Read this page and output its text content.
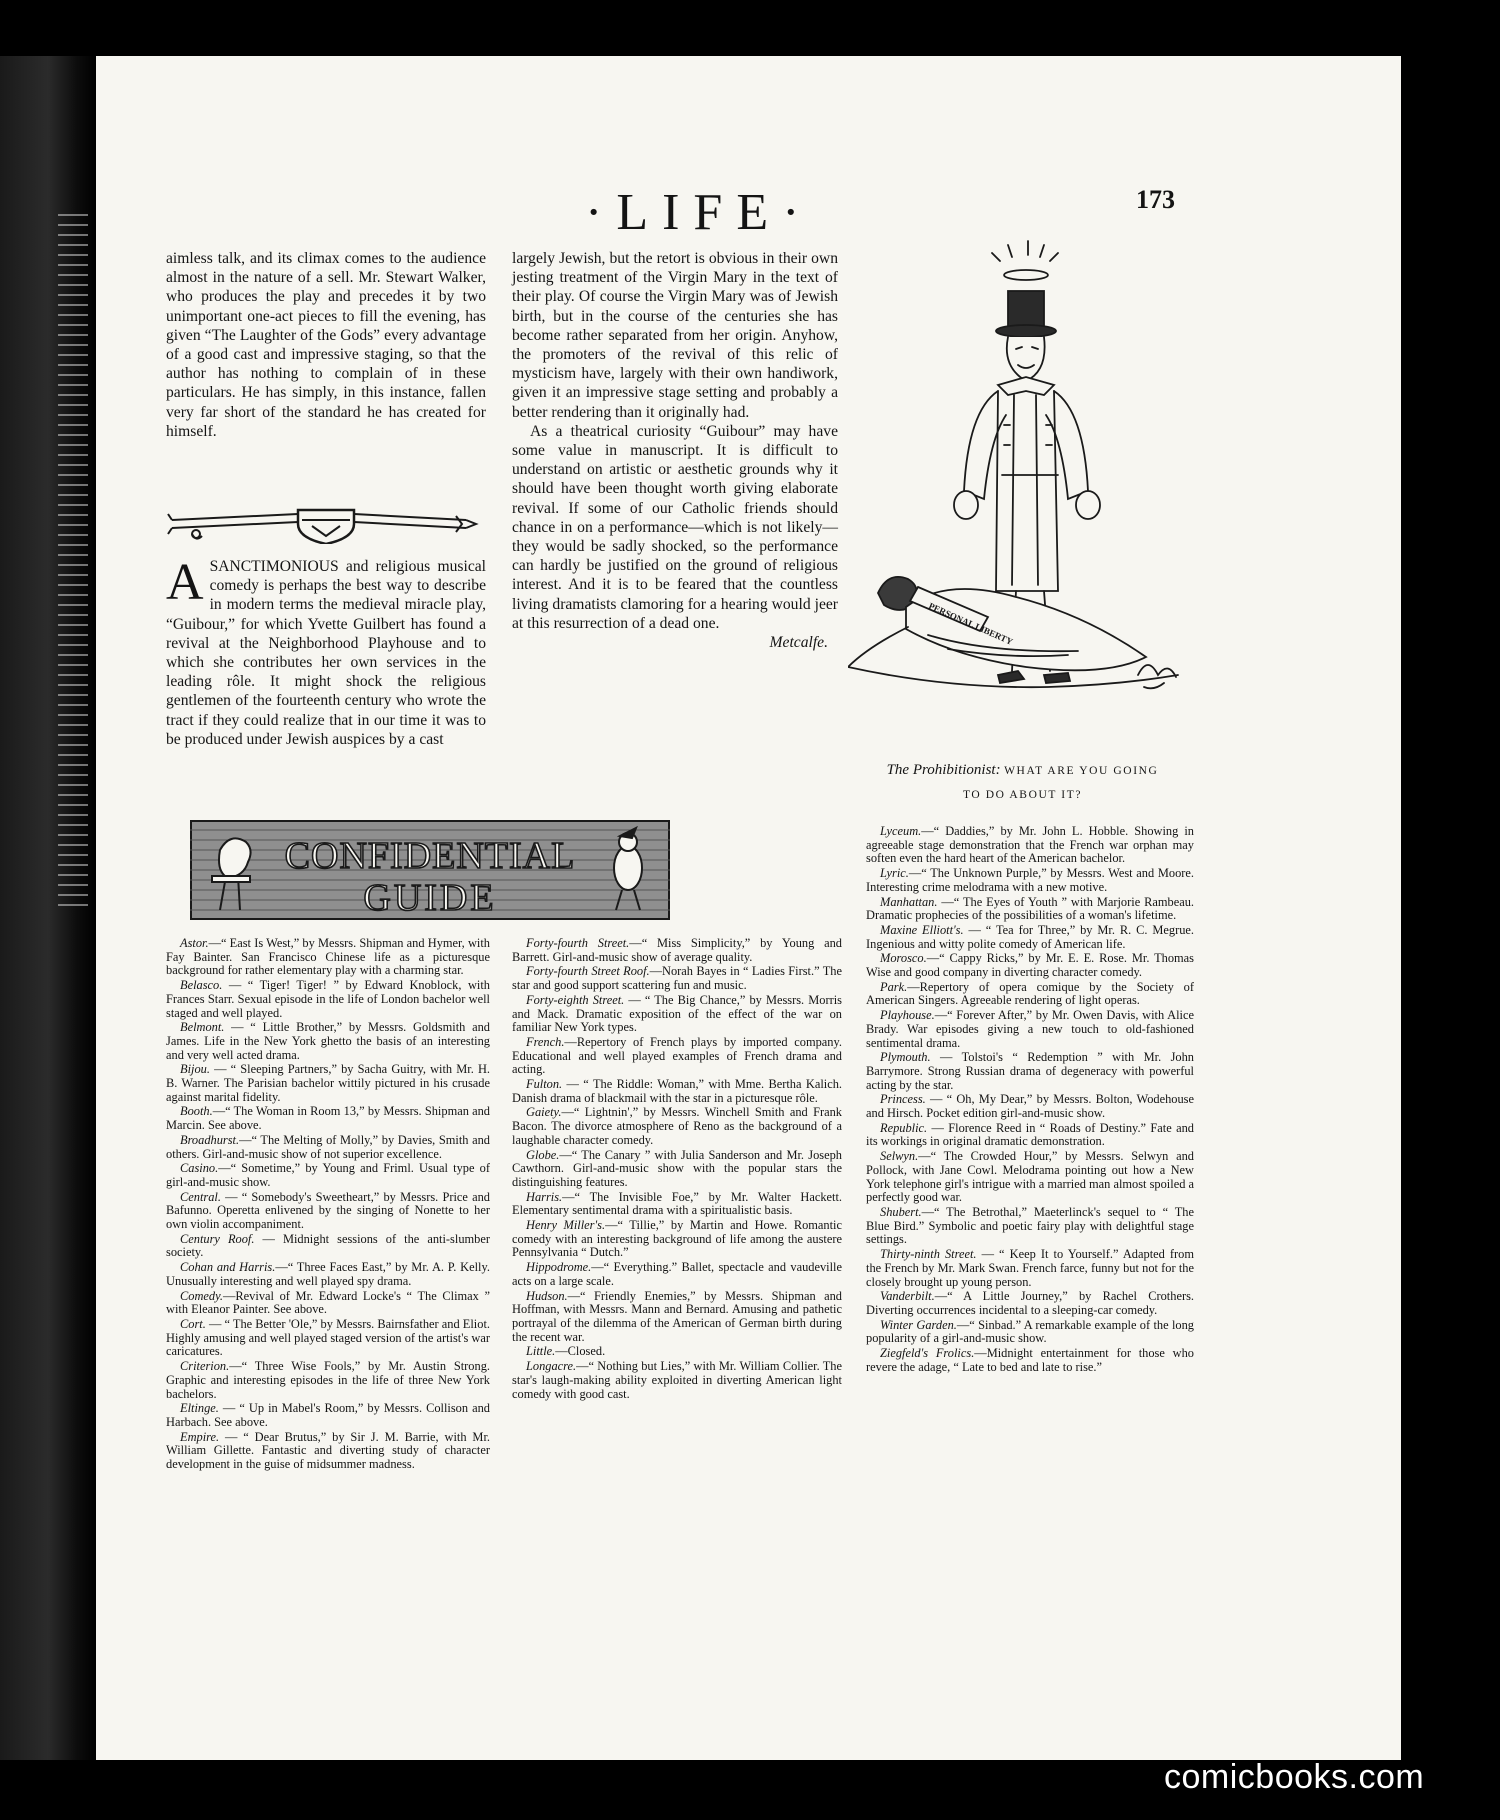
·LIFE·	173

aimless talk, and its climax comes to the audience almost in the nature of a sell. Mr. Stewart Walker, who produces the play and precedes it by two unimportant one-act pieces to fill the evening, has given “The Laughter of the Gods” every advantage of a good cast and impressive staging, so that the author has nothing to complain of in these particulars. He has simply, in this instance, fallen very far short of the standard he has created for himself.

A SANCTIMONIOUS and religious musical comedy is perhaps the best way to describe in modern terms the medieval miracle play, “Guibour,” for which Yvette Guilbert has found a revival at the Neighborhood Playhouse and to which she contributes her own services in the leading rôle. It might shock the religious gentlemen of the fourteenth century who wrote the tract if they could realize that in our time it was to be produced under Jewish auspices by a cast

largely Jewish, but the retort is obvious in their own jesting treatment of the Virgin Mary in the text of their play. Of course the Virgin Mary was of Jewish birth, but in the course of the centuries she has become rather separated from her origin. Anyhow, the promoters of the revival of this relic of mysticism have, largely with their own handiwork, given it an impressive stage setting and probably a better rendering than it originally had.

As a theatrical curiosity “Guibour” may have some value in manuscript. It is difficult to understand on artistic or aesthetic grounds why it should have been thought worth giving elaborate revival. If some of our Catholic friends should chance in on a performance—which is not likely—they would be sadly shocked, so the performance can hardly be justified on the ground of religious interest. And it is to be feared that the countless living dramatists clamoring for a hearing would jeer at this resurrection of a dead one.

Metcalfe.	PERSONAL LIBERTY
The Prohibitionist: WHAT ARE YOU GOING
TO DO ABOUT IT?
CONFIDENTIAL
GUIDE

Astor.—“ East Is West,” by Messrs. Shipman and Hymer, with Fay Bainter. San Francisco Chinese life as a picturesque background for rather elementary play with a charming star.

Belasco. — “ Tiger! Tiger! ” by Edward Knoblock, with Frances Starr. Sexual episode in the life of London bachelor well staged and well played.

Belmont. — “ Little Brother,” by Messrs. Goldsmith and James. Life in the New York ghetto the basis of an interesting and very well acted drama.

Bijou. — “ Sleeping Partners,” by Sacha Guitry, with Mr. H. B. Warner. The Parisian bachelor wittily pictured in his crusade against marital fidelity.

Booth.—“ The Woman in Room 13,” by Messrs. Shipman and Marcin. See above.

Broadhurst.—“ The Melting of Molly,” by Davies, Smith and others. Girl-and-music show of not superior excellence.

Casino.—“ Sometime,” by Young and Friml. Usual type of girl-and-music show.

Central. — “ Somebody's Sweetheart,” by Messrs. Price and Bafunno. Operetta enlivened by the singing of Nonette to her own violin accompaniment.

Century Roof. — Midnight sessions of the anti-slumber society.

Cohan and Harris.—“ Three Faces East,” by Mr. A. P. Kelly. Unusually interesting and well played spy drama.

Comedy.—Revival of Mr. Edward Locke's “ The Climax ” with Eleanor Painter. See above.

Cort. — “ The Better 'Ole,” by Messrs. Bairnsfather and Eliot. Highly amusing and well played staged version of the artist's war caricatures.

Criterion.—“ Three Wise Fools,” by Mr. Austin Strong. Graphic and interesting episodes in the life of three New York bachelors.

Eltinge. — “ Up in Mabel's Room,” by Messrs. Collison and Harbach. See above.

Empire. — “ Dear Brutus,” by Sir J. M. Barrie, with Mr. William Gillette. Fantastic and diverting study of character development in the guise of midsummer madness.

Forty-fourth Street.—“ Miss Simplicity,” by Young and Barrett. Girl-and-music show of average quality.

Forty-fourth Street Roof.—Norah Bayes in “ Ladies First.” The star and good support scattering fun and music.

Forty-eighth Street. — “ The Big Chance,” by Messrs. Morris and Mack. Dramatic exposition of the effect of the war on familiar New York types.

French.—Repertory of French plays by imported company. Educational and well played examples of French drama and acting.

Fulton. — “ The Riddle: Woman,” with Mme. Bertha Kalich. Danish drama of blackmail with the star in a picturesque rôle.

Gaiety.—“ Lightnin',” by Messrs. Winchell Smith and Frank Bacon. The divorce atmosphere of Reno as the background of a laughable character comedy.

Globe.—“ The Canary ” with Julia Sanderson and Mr. Joseph Cawthorn. Girl-and-music show with the popular stars the distinguishing features.

Harris.—“ The Invisible Foe,” by Mr. Walter Hackett. Elementary sentimental drama with a spiritualistic basis.

Henry Miller's.—“ Tillie,” by Martin and Howe. Romantic comedy with an interesting background of life among the austere Pennsylvania “ Dutch.”

Hippodrome.—“ Everything.” Ballet, spectacle and vaudeville acts on a large scale.

Hudson.—“ Friendly Enemies,” by Messrs. Shipman and Hoffman, with Messrs. Mann and Bernard. Amusing and pathetic portrayal of the dilemma of the American of German birth during the recent war.

Little.—Closed.

Longacre.—“ Nothing but Lies,” with Mr. William Collier. The star's laugh-making ability exploited in diverting American light comedy with good cast.

Lyceum.—“ Daddies,” by Mr. John L. Hobble. Showing in agreeable stage demonstration that the French war orphan may soften even the hard heart of the American bachelor.

Lyric.—“ The Unknown Purple,” by Messrs. West and Moore. Interesting crime melodrama with a new motive.

Manhattan. —“ The Eyes of Youth ” with Marjorie Rambeau. Dramatic prophecies of the possibilities of a woman's lifetime.

Maxine Elliott's. — “ Tea for Three,” by Mr. R. C. Megrue. Ingenious and witty polite comedy of American life.

Morosco.—“ Cappy Ricks,” by Mr. E. E. Rose. Mr. Thomas Wise and good company in diverting character comedy.

Park.—Repertory of opera comique by the Society of American Singers. Agreeable rendering of light operas.

Playhouse.—“ Forever After,” by Mr. Owen Davis, with Alice Brady. War episodes giving a new touch to old-fashioned sentimental drama.

Plymouth. — Tolstoi's “ Redemption ” with Mr. John Barrymore. Strong Russian drama of degeneracy with powerful acting by the star.

Princess. — “ Oh, My Dear,” by Messrs. Bolton, Wodehouse and Hirsch. Pocket edition girl-and-music show.

Republic. — Florence Reed in “ Roads of Destiny.” Fate and its workings in original dramatic demonstration.

Selwyn.—“ The Crowded Hour,” by Messrs. Selwyn and Pollock, with Jane Cowl. Melodrama pointing out how a New York telephone girl's intrigue with a married man almost spoiled a perfectly good war.

Shubert.—“ The Betrothal,” Maeterlinck's sequel to “ The Blue Bird.” Symbolic and poetic fairy play with delightful stage settings.

Thirty-ninth Street. — “ Keep It to Yourself.” Adapted from the French by Mr. Mark Swan. French farce, funny but not for the closely brought up young person.

Vanderbilt.—“ A Little Journey,” by Rachel Crothers. Diverting occurrences incidental to a sleeping-car comedy.

Winter Garden.—“ Sinbad.” A remarkable example of the long popularity of a girl-and-music show.

Ziegfeld's Frolics.—Midnight entertainment for those who revere the adage, “ Late to bed and late to rise.”

comicbooks.com
